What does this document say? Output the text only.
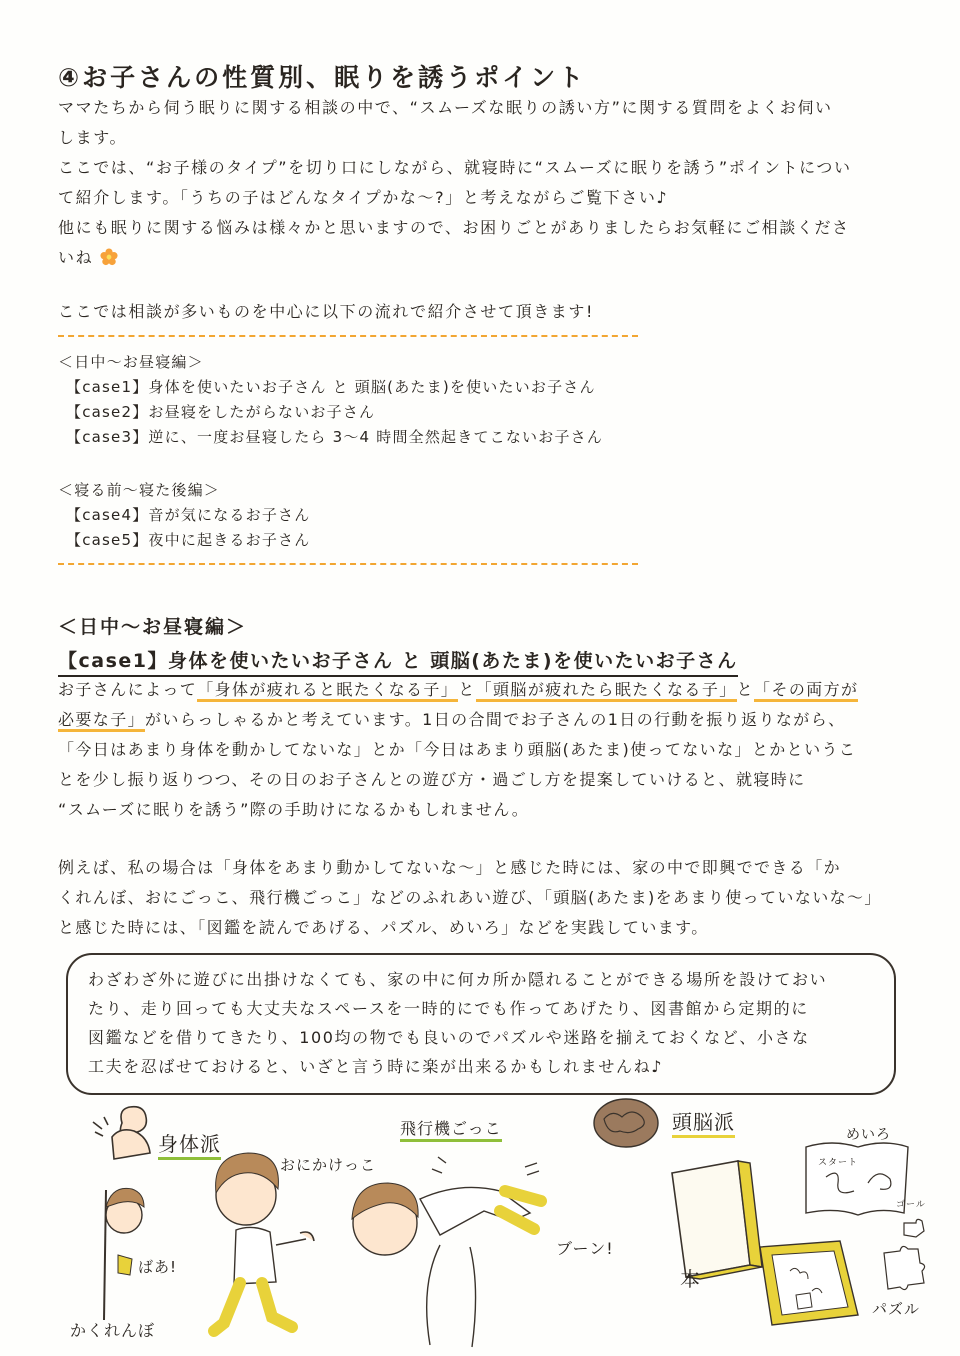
④お子さんの性質別、眠りを誘うポイント
ママたちから伺う眠りに関する相談の中で、“スムーズな眠りの誘い方”に関する質問をよくお伺い
します。
ここでは、“お子様のタイプ”を切り口にしながら、就寝時に“スムーズに眠りを誘う”ポイントについ
て紹介します。「うちの子はどんなタイプかな～?」と考えながらご覧下さい♪
他にも眠りに関する悩みは様々かと思いますので、お困りごとがありましたらお気軽にご相談くださ
いね
ここでは相談が多いものを中心に以下の流れで紹介させて頂きます!
＜日中～お昼寝編＞
【case1】身体を使いたいお子さん と 頭脳(あたま)を使いたいお子さん
【case2】お昼寝をしたがらないお子さん
【case3】逆に、一度お昼寝したら 3～4 時間全然起きてこないお子さん
＜寝る前～寝た後編＞
【case4】音が気になるお子さん
【case5】夜中に起きるお子さん
＜日中～お昼寝編＞
【case1】身体を使いたいお子さん と 頭脳(あたま)を使いたいお子さん
お子さんによって「身体が疲れると眠たくなる子」と「頭脳が疲れたら眠たくなる子」と「その両方が
必要な子」がいらっしゃるかと考えています。1日の合間でお子さんの1日の行動を振り返りながら、
「今日はあまり身体を動かしてないな」とか「今日はあまり頭脳(あたま)使ってないな」とかというこ
とを少し振り返りつつ、その日のお子さんとの遊び方・過ごし方を提案していけると、就寝時に
“スムーズに眠りを誘う”際の手助けになるかもしれません。
例えば、私の場合は「身体をあまり動かしてないな～」と感じた時には、家の中で即興でできる「か
くれんぼ、おにごっこ、飛行機ごっこ」などのふれあい遊び、「頭脳(あたま)をあまり使っていないな～」
と感じた時には、「図鑑を読んであげる、パズル、めいろ」などを実践しています。
わざわざ外に遊びに出掛けなくても、家の中に何カ所か隠れることができる場所を設けておい
たり、走り回っても大丈夫なスペースを一時的にでも作ってあげたり、図書館から定期的に
図鑑などを借りてきたり、100均の物でも良いのでパズルや迷路を揃えておくなど、小さな
工夫を忍ばせておけると、いざと言う時に楽が出来るかもしれませんね♪
身体派
頭脳派
おにかけっこ
飛行機ごっこ	めいろ
スタート
ゴール
ばあ!
ブーン!
本
パズル
かくれんぼ
